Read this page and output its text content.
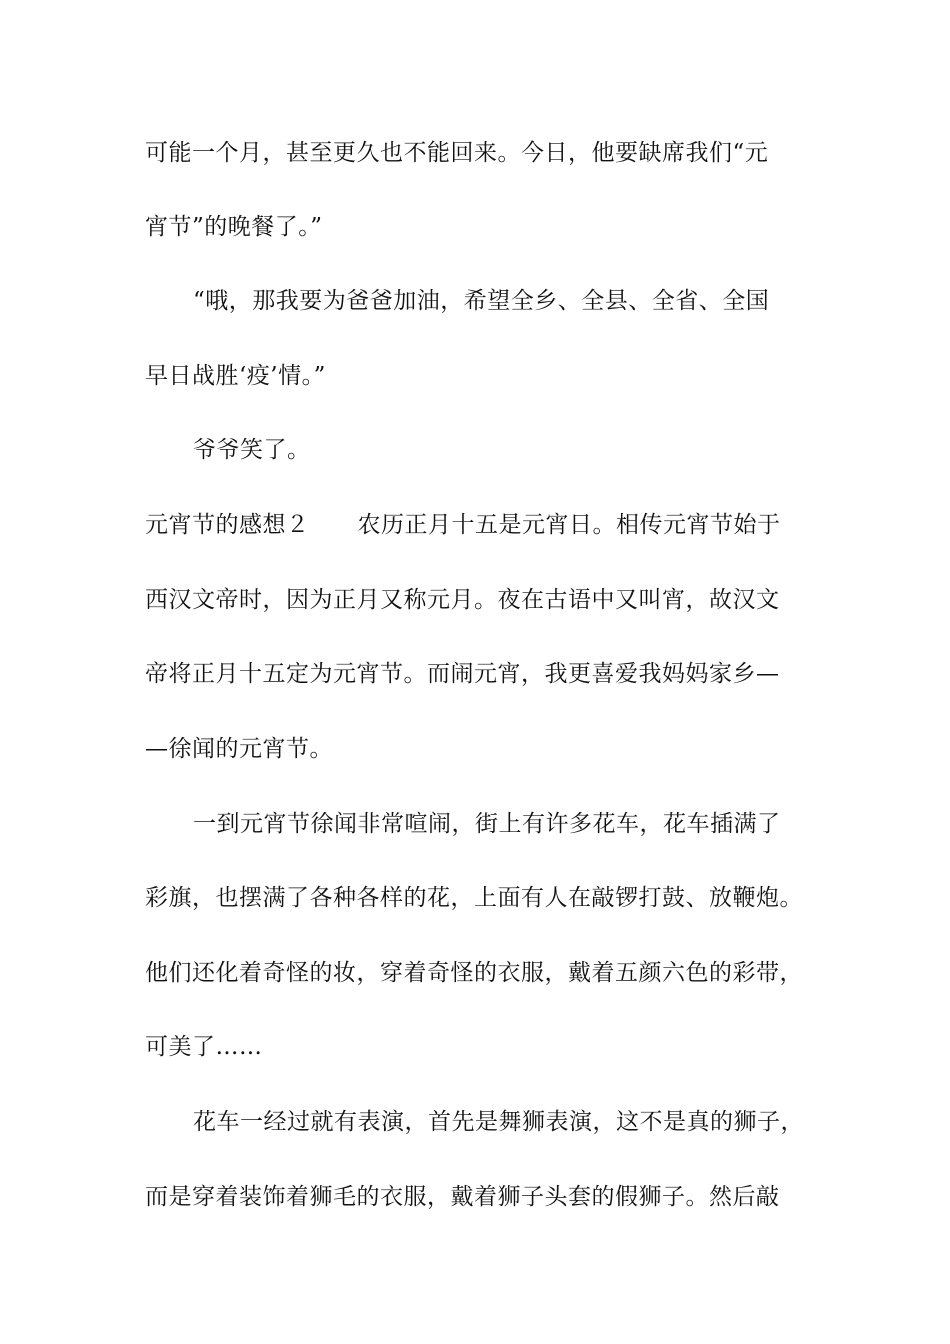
可能一个月，甚至更久也不能回来。今日，他要缺席我们“元
宵节”的晚餐了。”
“哦，那我要为爸爸加油，希望全乡、全县、全省、全国
早日战胜‘疫’情。”
爷爷笑了。
元宵节的感想２ 农历正月十五是元宵日。相传元宵节始于
西汉文帝时，因为正月又称元月。夜在古语中又叫宵，故汉文
帝将正月十五定为元宵节。而闹元宵，我更喜爱我妈妈家乡—
—徐闻的元宵节。
一到元宵节徐闻非常喧闹，街上有许多花车，花车插满了
彩旗，也摆满了各种各样的花，上面有人在敲锣打鼓、放鞭炮。
他们还化着奇怪的妆，穿着奇怪的衣服，戴着五颜六色的彩带，
可美了……
花车一经过就有表演，首先是舞狮表演，这不是真的狮子，
而是穿着装饰着狮毛的衣服，戴着狮子头套的假狮子。然后敲
